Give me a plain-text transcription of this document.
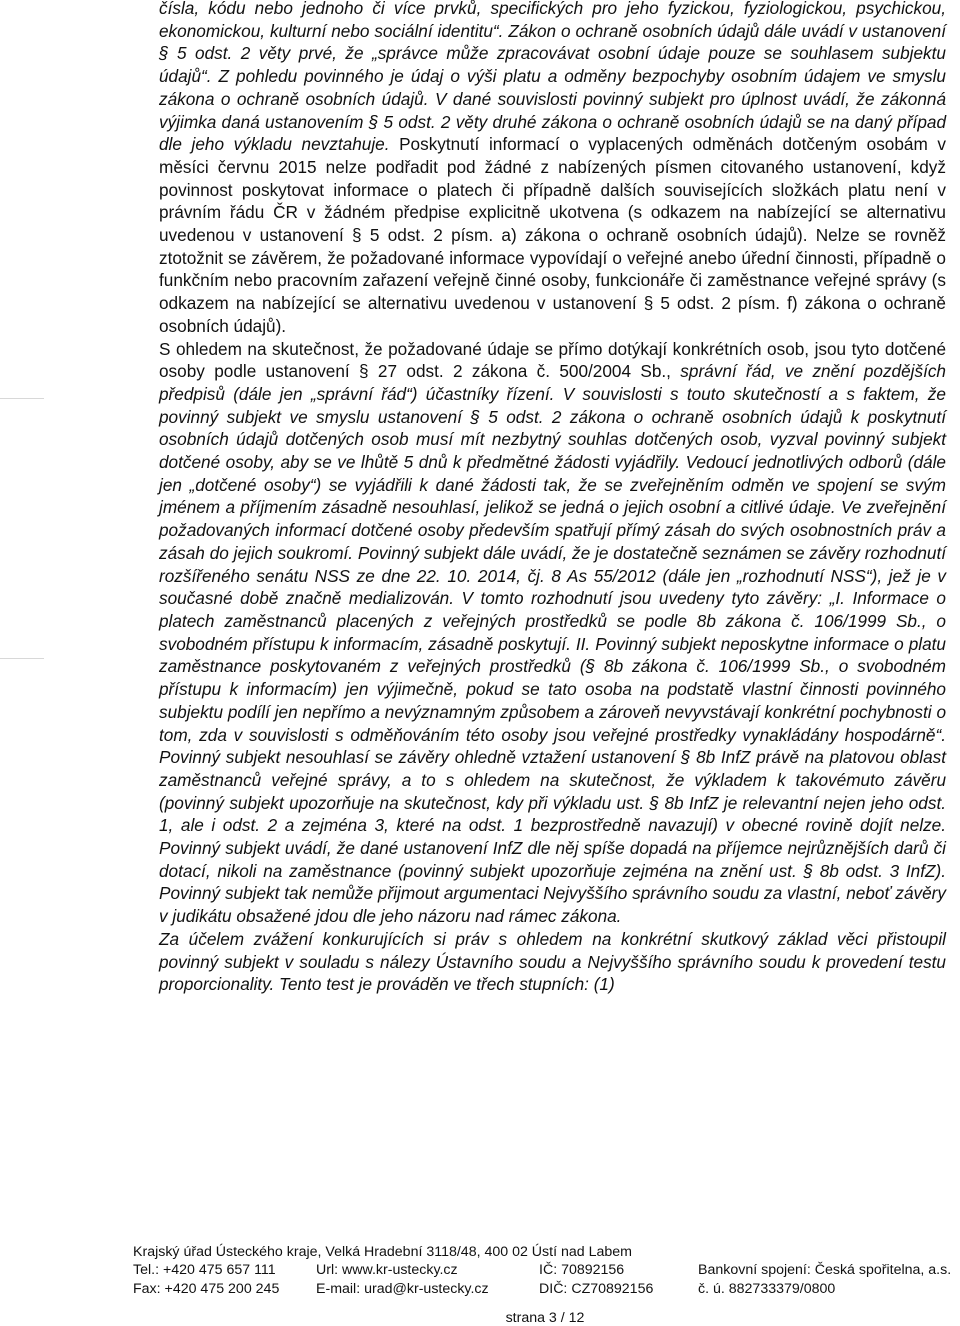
čísla, kódu nebo jednoho či více prvků, specifických pro jeho fyzickou, fyziologickou, psychickou, ekonomickou, kulturní nebo sociální identitu“. Zákon o ochraně osobních údajů dále uvádí v ustanovení § 5 odst. 2 věty prvé, že „správce může zpracovávat osobní údaje pouze se souhlasem subjektu údajů“. Z pohledu povinného je údaj o výši platu a odměny bezpochyby osobním údajem ve smyslu zákona o ochraně osobních údajů. V dané souvislosti povinný subjekt pro úplnost uvádí, že zákonná výjimka daná ustanovením § 5 odst. 2 věty druhé zákona o ochraně osobních údajů se na daný případ dle jeho výkladu nevztahuje. Poskytnutí informací o vyplacených odměnách dotčeným osobám v měsíci červnu 2015 nelze podřadit pod žádné z nabízených písmen citovaného ustanovení, když povinnost poskytovat informace o platech či případně dalších souvisejících složkách platu není v právním řádu ČR v žádném předpise explicitně ukotvena (s odkazem na nabízející se alternativu uvedenou v ustanovení § 5 odst. 2 písm. a) zákona o ochraně osobních údajů). Nelze se rovněž ztotožnit se závěrem, že požadované informace vypovídají o veřejné anebo úřední činnosti, případně o funkčním nebo pracovním zařazení veřejně činné osoby, funkcionáře či zaměstnance veřejné správy (s odkazem na nabízející se alternativu uvedenou v ustanovení § 5 odst. 2 písm. f) zákona o ochraně osobních údajů).

S ohledem na skutečnost, že požadované údaje se přímo dotýkají konkrétních osob, jsou tyto dotčené osoby podle ustanovení § 27 odst. 2 zákona č. 500/2004 Sb., správní řád, ve znění pozdějších předpisů (dále jen „správní řád“) účastníky řízení. V souvislosti s touto skutečností a s faktem, že povinný subjekt ve smyslu ustanovení § 5 odst. 2 zákona o ochraně osobních údajů k poskytnutí osobních údajů dotčených osob musí mít nezbytný souhlas dotčených osob, vyzval povinný subjekt dotčené osoby, aby se ve lhůtě 5 dnů k předmětné žádosti vyjádřily. Vedoucí jednotlivých odborů (dále jen „dotčené osoby“) se vyjádřili k dané žádosti tak, že se zveřejněním odměn ve spojení se svým jménem a příjmením zásadně nesouhlasí, jelikož se jedná o jejich osobní a citlivé údaje. Ve zveřejnění požadovaných informací dotčené osoby především spatřují přímý zásah do svých osobnostních práv a zásah do jejich soukromí. Povinný subjekt dále uvádí, že je dostatečně seznámen se závěry rozhodnutí rozšířeného senátu NSS ze dne 22. 10. 2014, čj. 8 As 55/2012 (dále jen „rozhodnutí NSS“), jež je v současné době značně medializován. V tomto rozhodnutí jsou uvedeny tyto závěry: „I. Informace o platech zaměstnanců placených z veřejných prostředků se podle 8b zákona č. 106/1999 Sb., o svobodném přístupu k informacím, zásadně poskytují. II. Povinný subjekt neposkytne informace o platu zaměstnance poskytovaném z veřejných prostředků (§ 8b zákona č. 106/1999 Sb., o svobodném přístupu k informacím) jen výjimečně, pokud se tato osoba na podstatě vlastní činnosti povinného subjektu podílí jen nepřímo a nevýznamným způsobem a zároveň nevyvstávají konkrétní pochybnosti o tom, zda v souvislosti s odměňováním této osoby jsou veřejné prostředky vynakládány hospodárně“. Povinný subjekt nesouhlasí se závěry ohledně vztažení ustanovení § 8b InfZ právě na platovou oblast zaměstnanců veřejné správy, a to s ohledem na skutečnost, že výkladem k takovémuto závěru (povinný subjekt upozorňuje na skutečnost, kdy při výkladu ust. § 8b InfZ je relevantní nejen jeho odst. 1, ale i odst. 2 a zejména 3, které na odst. 1 bezprostředně navazují) v obecné rovině dojít nelze. Povinný subjekt uvádí, že dané ustanovení InfZ dle něj spíše dopadá na příjemce nejrůznějších darů či dotací, nikoli na zaměstnance (povinný subjekt upozorňuje zejména na znění ust. § 8b odst. 3 InfZ). Povinný subjekt tak nemůže přijmout argumentaci Nejvyššího správního soudu za vlastní, neboť závěry v judikátu obsažené jdou dle jeho názoru nad rámec zákona.

Za účelem zvážení konkurujících si práv s ohledem na konkrétní skutkový základ věci přistoupil povinný subjekt v souladu s nálezy Ústavního soudu a Nejvyššího správního soudu k provedení testu proporcionality. Tento test je prováděn ve třech stupních: (1)

Krajský úřad Ústeckého kraje, Velká Hradební 3118/48, 400 02 Ústí nad Labem
Tel.: +420 475 657 111	Url: www.kr-ustecky.cz	IČ: 70892156	Bankovní spojení: Česká spořitelna, a.s.
Fax: +420 475 200 245	E-mail: urad@kr-ustecky.cz	DIČ: CZ70892156	č. ú. 882733379/0800
strana 3 / 12
